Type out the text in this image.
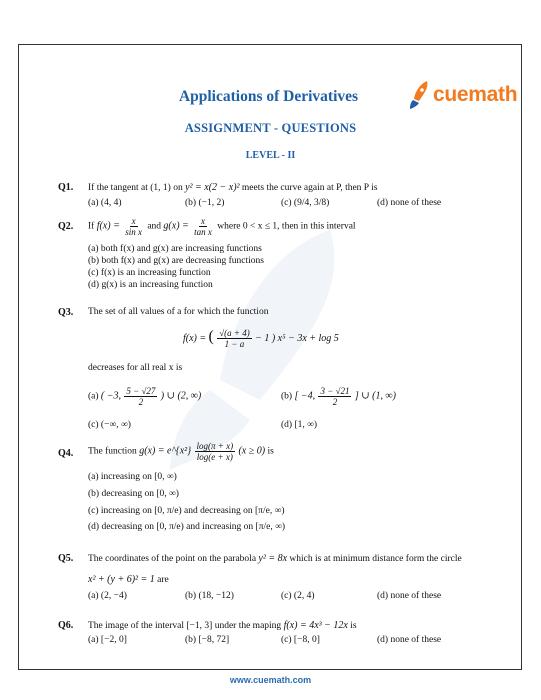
Applications of Derivatives	cuemath
ASSIGNMENT - QUESTIONS
LEVEL - II
Q1. If the tangent at (1, 1) on y² = x(2 − x)² meets the curve again at P, then P is
(a) (4, 4)	(b) (−1, 2)	(c) (9/4, 3/8)	(d) none of these
Q2. If $f(x) = \frac{x}{\text{sin x}}$ and $g(x) = \frac{x}{\text{tan x}}$ where 0 < x ≤ 1, then in this interval
(a) both f(x) and g(x) are increasing functions
(b) both f(x) and g(x) are decreasing functions
(c) f(x) is an increasing function
(d) g(x) is an increasing function
Q3. The set of all values of a for which the function
f(x) = ( $\frac{√(a + 4)}{1 - a} - 1$ ) x⁵ − 3x + log 5
decreases for all real x is
(a) ( −3, $\frac{5 - √27}{2}$ ) ∪ (2, ∞)	(b) [ −4, $\frac{3 - √21}{2}$ ] ∪ (1, ∞)
(c) (−∞, ∞)	(d) [1, ∞)
Q4. The function g(x) = e^{x²} $\frac{\log(\pi + x)}{\log(e + x)} (x \ge 0)$ is
(a) increasing on [0, ∞)
(b) decreasing on [0, ∞)
(c) increasing on [0, π/e) and decreasing on [π/e, ∞)
(d) decreasing on [0, π/e) and increasing on [π/e, ∞)
Q5. The coordinates of the point on the parabola y² = 8x which is at minimum distance form the circle
x² + (y + 6)² = 1 are
(a) (2, −4)	(b) (18, −12)	(c) (2, 4)	(d) none of these
Q6. The image of the interval [−1, 3] under the maping f(x) = 4x³ − 12x is
(a) [−2, 0]	(b) [−8, 72]	(c) [−8, 0]	(d) none of these
www.cuemath.com
